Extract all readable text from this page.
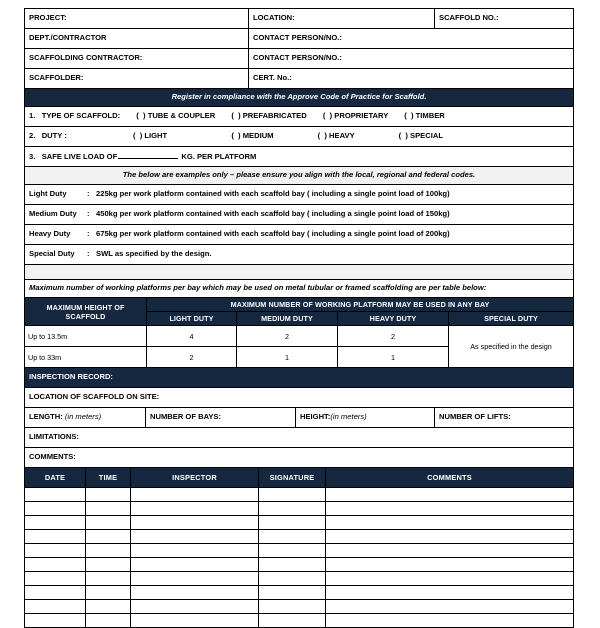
PROJECT:	LOCATION:	SCAFFOLD NO.:
DEPT./CONTRACTOR	CONTACT PERSON/NO.:	
SCAFFOLDING CONTRACTOR:	CONTACT PERSON/NO.:	
SCAFFOLDER:	CERT. No.:	
Register in compliance with the Approve Code of Practice for Scaffold.		
1. TYPE OF SCAFFOLD: (  ) TUBE & COUPLER (  ) PREFABRICATED (  ) PROPRIETARY (  ) TIMBER
2. DUTY :	(  ) LIGHT	(  ) MEDIUM	(  ) HEAVY	(  ) SPECIAL
3. SAFE LIVE LOAD OF	KG. PER PLATFORM
The below are examples only – please ensure you align with the local, regional and federal codes.
Light Duty	: 225kg per work platform contained with each scaffold bay ( including a single point load of 100kg)
Medium Duty : 450kg per work platform contained with each scaffold bay ( including a single point load of 150kg)
Heavy Duty : 675kg per work platform contained with each scaffold bay ( including a single point load of 200kg)
Special Duty : SWL as specified by the design.

Maximum number of working platforms per bay which may be used on metal tubular or framed scaffolding are per table below:
MAXIMUM HEIGHT OF SCAFFOLD	MAXIMUM NUMBER OF WORKING PLATFORM MAY BE USED IN ANY BAY			
	LIGHT DUTY	MEDIUM DUTY	HEAVY DUTY	SPECIAL DUTY
Up to 13.5m	4	2	2	As specified in the design
Up to 33m	2	1	1	
INSPECTION RECORD:
LOCATION OF SCAFFOLD ON SITE:
LENGTH: (in meters)	NUMBER OF BAYS:	HEIGHT:(in meters)	NUMBER OF LIFTS:
LIMITATIONS:
COMMENTS:
DATE	TIME	INSPECTOR	SIGNATURE	COMMENTS
